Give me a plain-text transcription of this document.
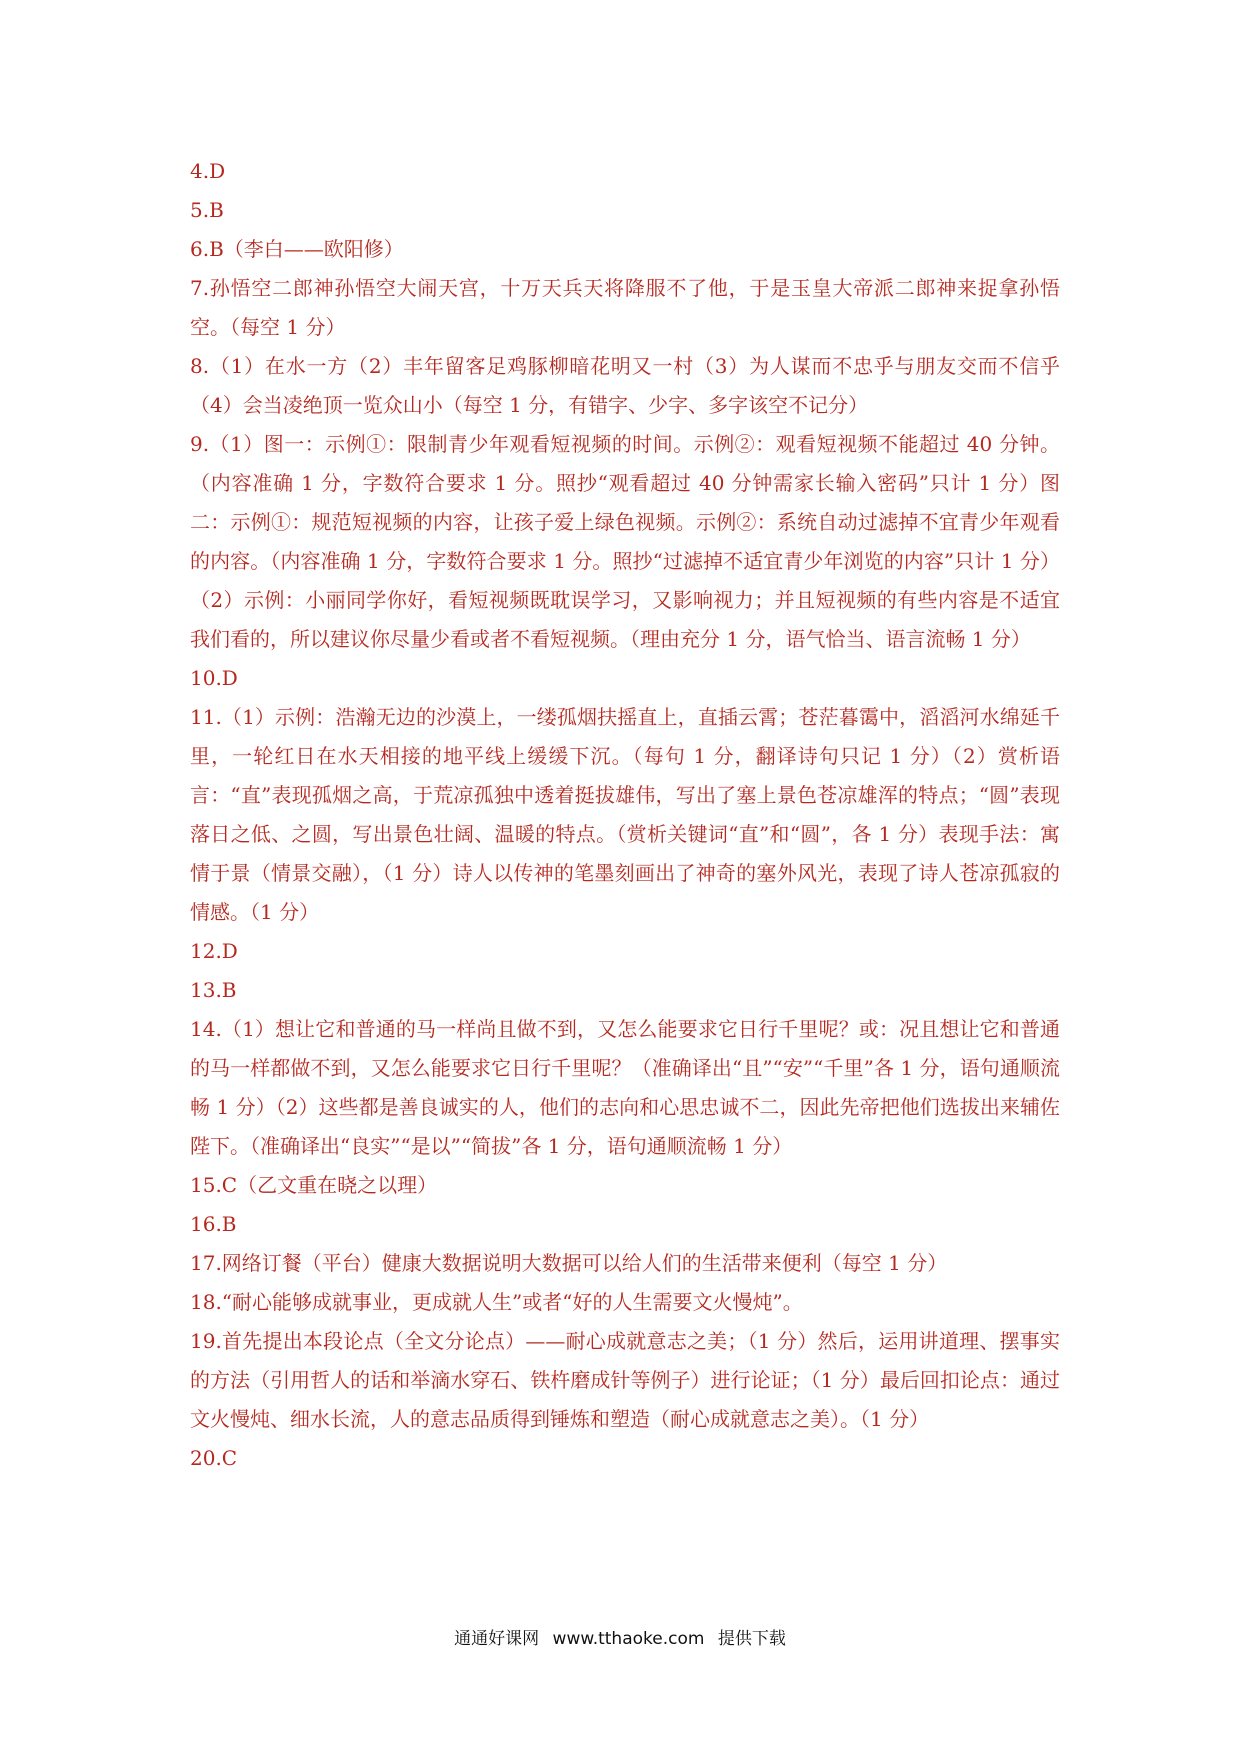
4.D

5.B

6.B（李白——欧阳修）

7.孙悟空二郎神孙悟空大闹天宫，十万天兵天将降服不了他，于是玉皇大帝派二郎神来捉拿孙悟空。（每空 1 分）

8.（1）在水一方（2）丰年留客足鸡豚柳暗花明又一村（3）为人谋而不忠乎与朋友交而不信乎（4）会当凌绝顶一览众山小（每空 1 分，有错字、少字、多字该空不记分）

9.（1）图一：示例①：限制青少年观看短视频的时间。示例②：观看短视频不能超过 40 分钟。（内容准确 1 分，字数符合要求 1 分。照抄“观看超过 40 分钟需家长输入密码”只计 1 分）图二：示例①：规范短视频的内容，让孩子爱上绿色视频。示例②：系统自动过滤掉不宜青少年观看的内容。（内容准确 1 分，字数符合要求 1 分。照抄“过滤掉不适宜青少年浏览的内容”只计 1 分）（2）示例：小丽同学你好，看短视频既耽误学习，又影响视力；并且短视频的有些内容是不适宜我们看的，所以建议你尽量少看或者不看短视频。（理由充分 1 分，语气恰当、语言流畅 1 分）

10.D

11.（1）示例：浩瀚无边的沙漠上，一缕孤烟扶摇直上，直插云霄；苍茫暮霭中，滔滔河水绵延千里，一轮红日在水天相接的地平线上缓缓下沉。（每句 1 分，翻译诗句只记 1 分）（2）赏析语言：“直”表现孤烟之高，于荒凉孤独中透着挺拔雄伟，写出了塞上景色苍凉雄浑的特点；“圆”表现落日之低、之圆，写出景色壮阔、温暖的特点。（赏析关键词“直”和“圆”，各 1 分）表现手法：寓情于景（情景交融），（1 分）诗人以传神的笔墨刻画出了神奇的塞外风光，表现了诗人苍凉孤寂的情感。（1 分）

12.D

13.B

14.（1）想让它和普通的马一样尚且做不到，又怎么能要求它日行千里呢？或：况且想让它和普通的马一样都做不到，又怎么能要求它日行千里呢？（准确译出“且”“安”“千里”各 1 分，语句通顺流畅 1 分）（2）这些都是善良诚实的人，他们的志向和心思忠诚不二，因此先帝把他们选拔出来辅佐陛下。（准确译出“良实”“是以”“简拔”各 1 分，语句通顺流畅 1 分）

15.C（乙文重在晓之以理）

16.B

17.网络订餐（平台）健康大数据说明大数据可以给人们的生活带来便利（每空 1 分）

18.“耐心能够成就事业，更成就人生”或者“好的人生需要文火慢炖”。

19.首先提出本段论点（全文分论点）——耐心成就意志之美；（1 分）然后，运用讲道理、摆事实的方法（引用哲人的话和举滴水穿石、铁杵磨成针等例子）进行论证；（1 分）最后回扣论点：通过文火慢炖、细水长流，人的意志品质得到锤炼和塑造（耐心成就意志之美）。（1 分）

20.C

通通好课网 www.tthaoke.com 提供下载
